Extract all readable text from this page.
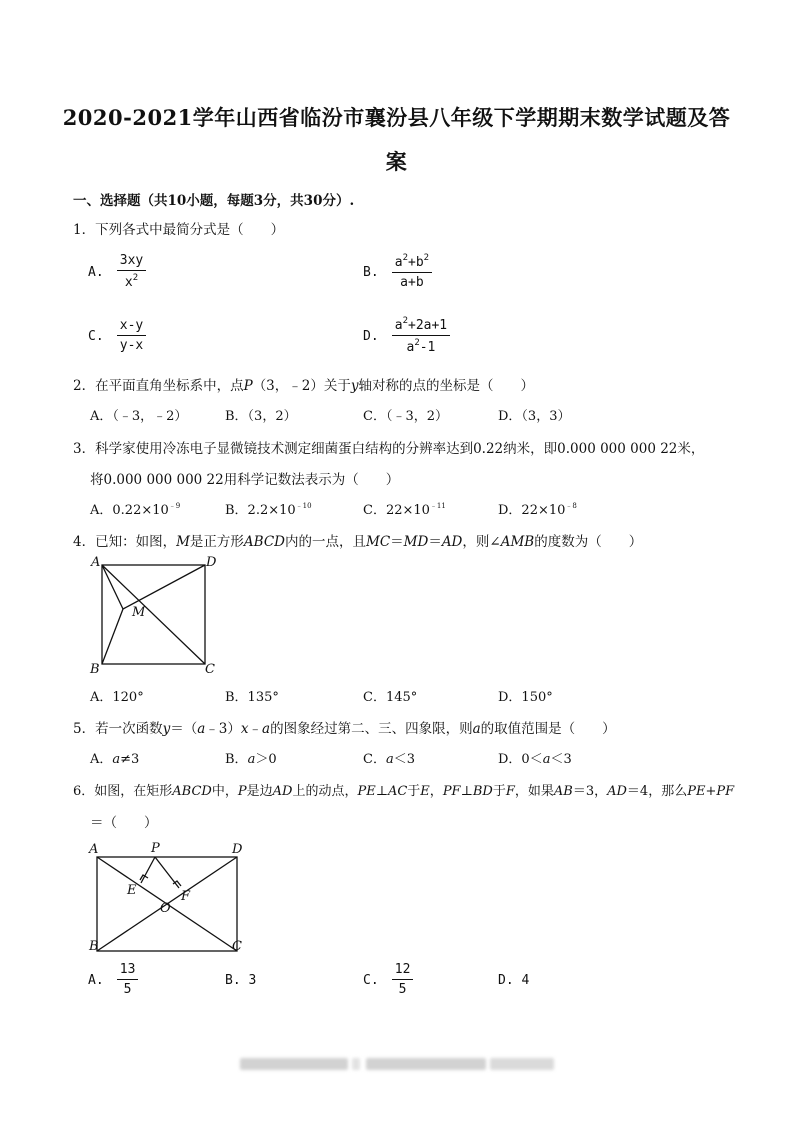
2020-2021学年山西省临汾市襄汾县八年级下学期期末数学试题及答
案
一、选择题（共10小题，每题3分，共30分）.
1．下列各式中最简分式是（　　）
A. $\frac{3xy}{x^2}$	B. $\frac{a^2+b^2}{a+b}$
C. $\frac{x-y}{y-x}$	D. $\frac{a^2+2a+1}{a^2-1}$
2．在平面直角坐标系中，点P（3，﹣2）关于y轴对称的点的坐标是（　　）
A．（﹣3，﹣2）	B．（3，2）	C．（﹣3，2）	D．（3，3）
3．科学家使用冷冻电子显微镜技术测定细菌蛋白结构的分辨率达到0.22纳米，即0.000 000 000 22米，
将0.000 000 000 22用科学记数法表示为（　　）
A．$0.22\times 10^{﹣9}$	B．$2.2\times 10^{﹣10}$	C．$22\times 10^{﹣11}$	D．$22\times 10^{﹣8}$
4．已知：如图，M是正方形ABCD内的一点，且MC＝MD＝AD，则∠AMB的度数为（　　）
A	D
B	C
M
A．120°	B．135°	C．145°	D．150°
5．若一次函数y＝（a﹣3）x﹣a的图象经过第二、三、四象限，则a的取值范围是（　　）
A．a≠3	B．a＞0	C．a＜3	D．0＜a＜3
6．如图，在矩形ABCD中，P是边AD上的动点，PE⊥AC于E，PF⊥BD于F，如果AB＝3，AD＝4，那么PE+PF
＝（　　）
A	D
B	C
P
E	F
O
A. $\frac{13}{5}$	B. 3	C. $\frac{12}{5}$	D. 4
